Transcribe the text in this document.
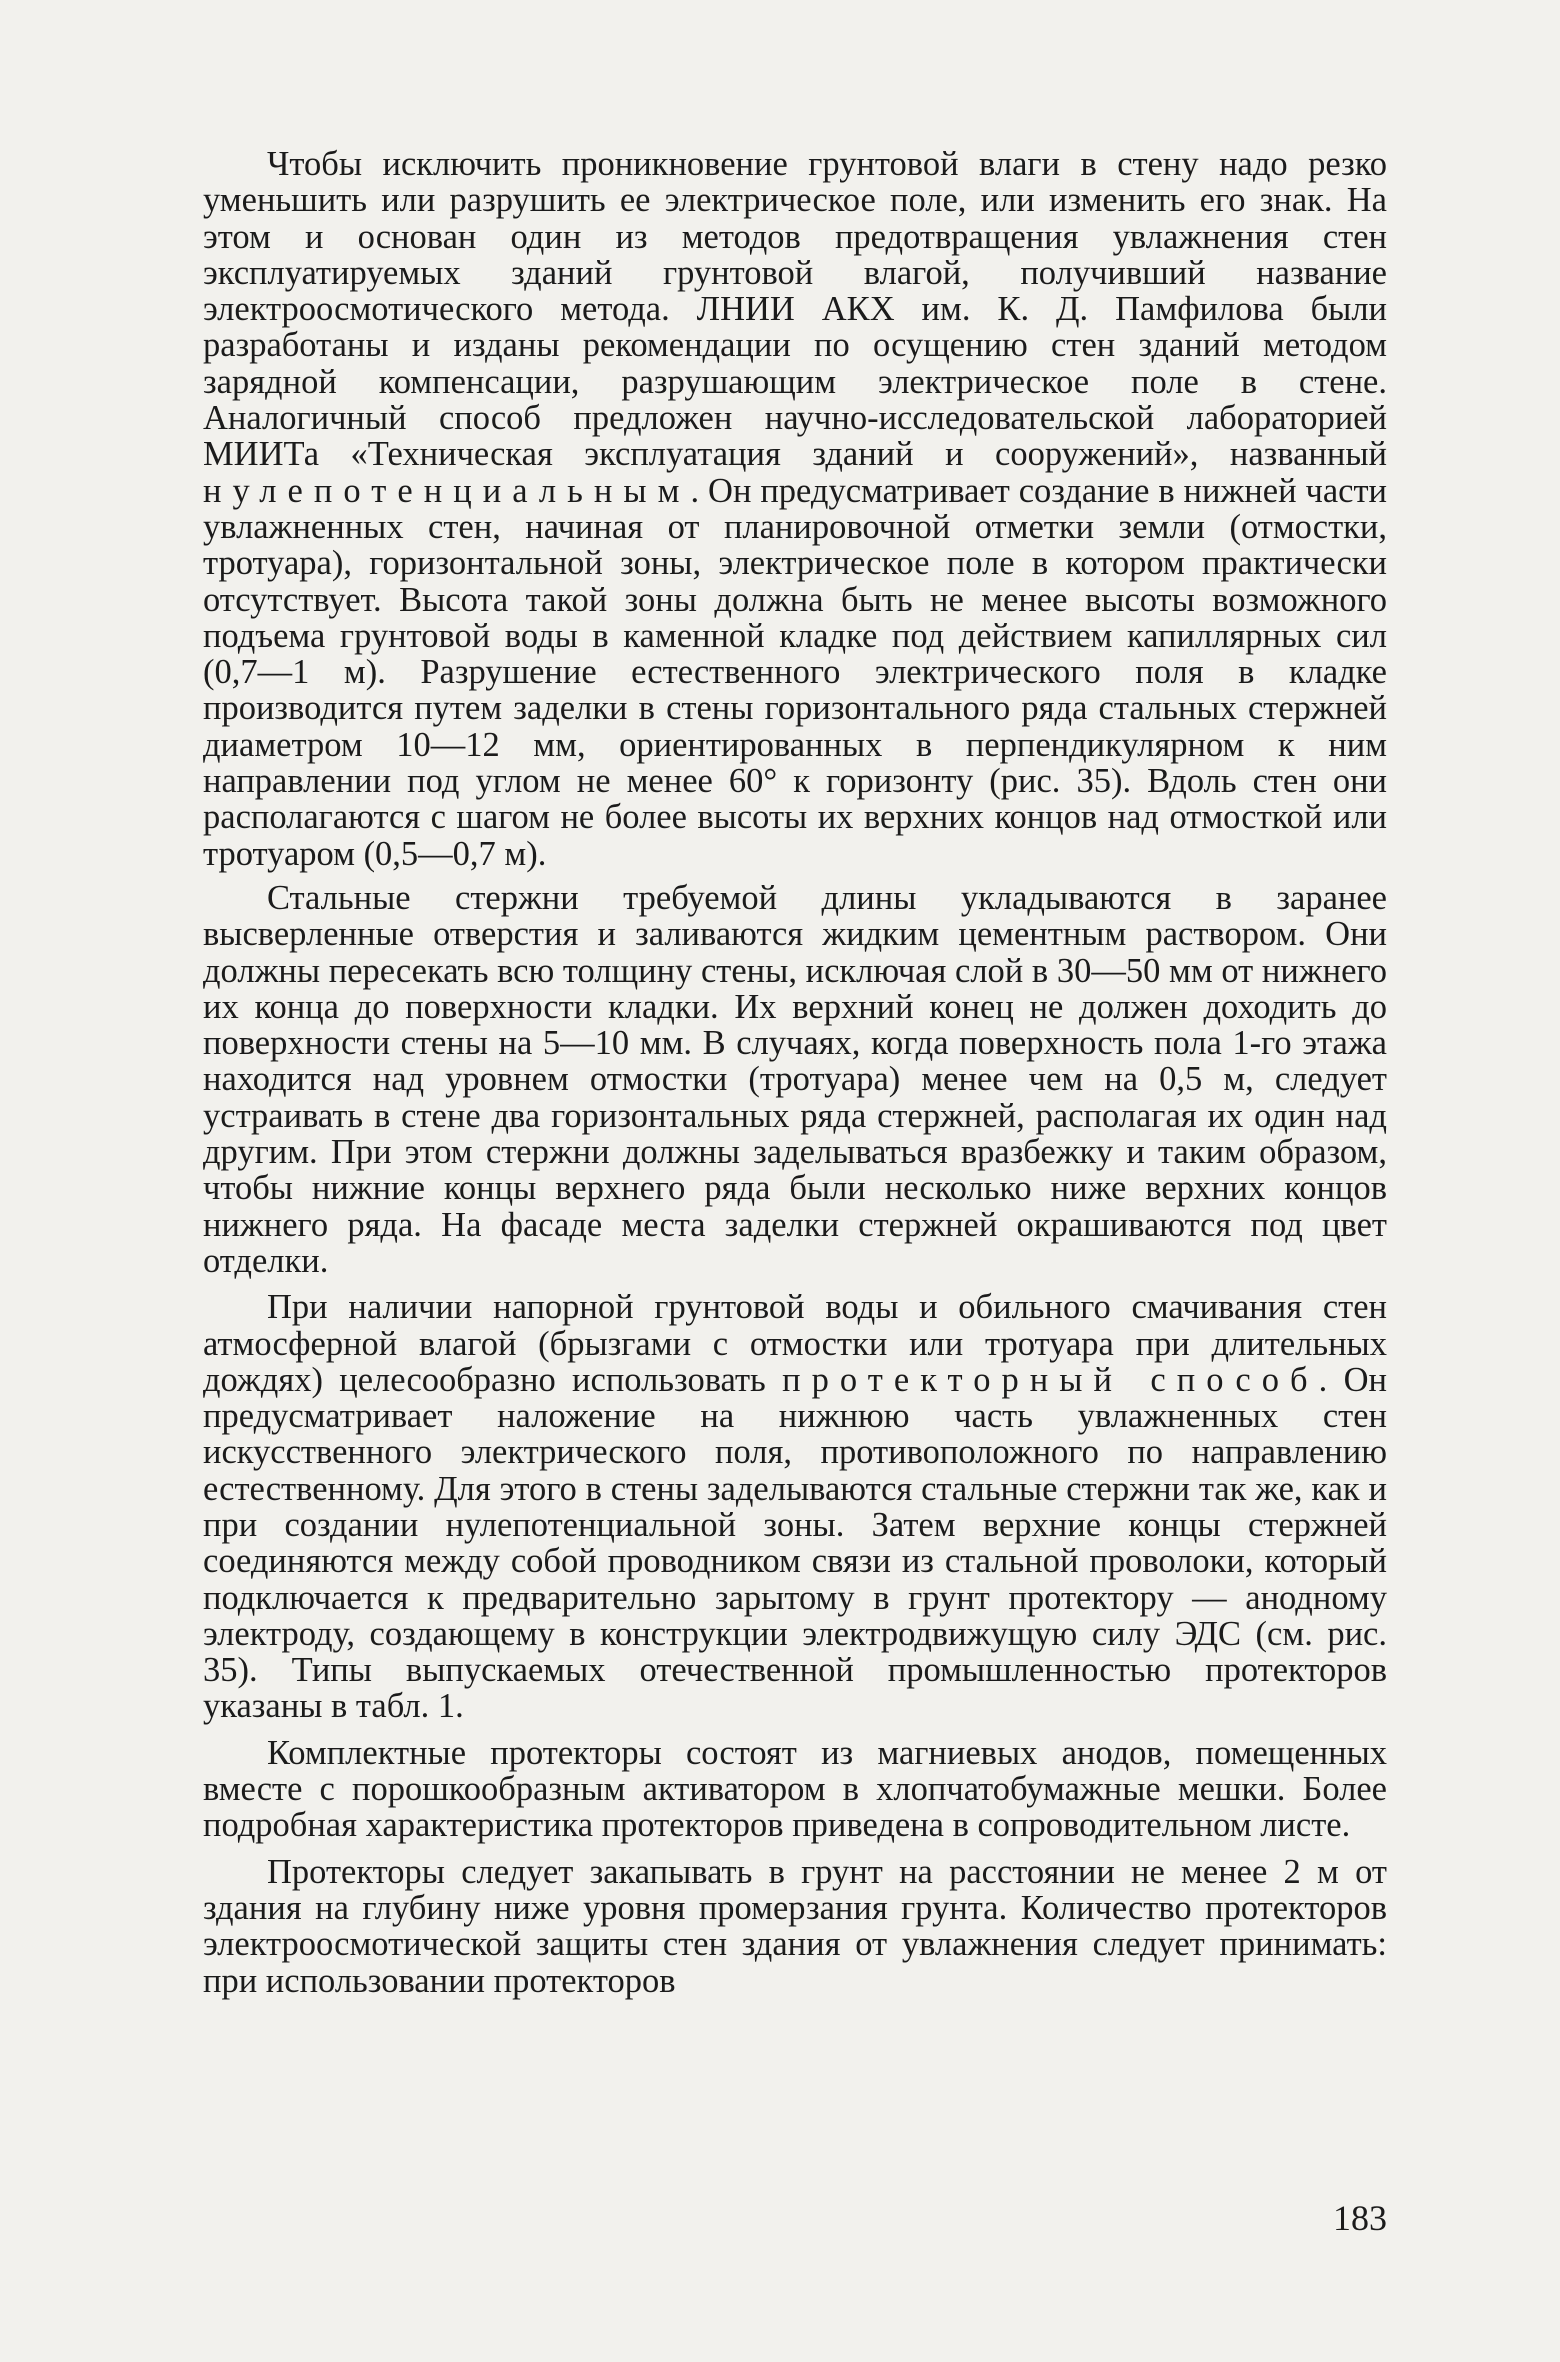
Чтобы исключить проникновение грунтовой влаги в стену надо резко уменьшить или разрушить ее электрическое поле, или изменить его знак. На этом и основан один из методов предотвращения увлажнения стен эксплуатируемых зданий грунтовой влагой, получивший название электроосмотического метода. ЛНИИ АКХ им. К. Д. Памфилова были разработаны и изданы рекомендации по осущению стен зданий методом зарядной компенсации, разрушающим электрическое поле в стене. Аналогичный способ предложен научно-исследовательской лабораторией МИИТа «Техническая эксплуатация зданий и сооружений», названный нулепотенциальным. Он предусматривает создание в нижней части увлажненных стен, начиная от планировочной отметки земли (отмостки, тротуара), горизонтальной зоны, электрическое поле в котором практически отсутствует. Высота такой зоны должна быть не менее высоты возможного подъема грунтовой воды в каменной кладке под действием капиллярных сил (0,7—1 м). Разрушение естественного электрического поля в кладке производится путем заделки в стены горизонтального ряда стальных стержней диаметром 10—12 мм, ориентированных в перпендикулярном к ним направлении под углом не менее 60° к горизонту (рис. 35). Вдоль стен они располагаются с шагом не более высоты их верхних концов над отмосткой или тротуаром (0,5—0,7 м).

Стальные стержни требуемой длины укладываются в заранее высверленные отверстия и заливаются жидким цементным раствором. Они должны пересекать всю толщину стены, исключая слой в 30—50 мм от нижнего их конца до поверхности кладки. Их верхний конец не должен доходить до поверхности стены на 5—10 мм. В случаях, когда поверхность пола 1-го этажа находится над уровнем отмостки (тротуара) менее чем на 0,5 м, следует устраивать в стене два горизонтальных ряда стержней, располагая их один над другим. При этом стержни должны заделываться вразбежку и таким образом, чтобы нижние концы верхнего ряда были несколько ниже верхних концов нижнего ряда. На фасаде места заделки стержней окрашиваются под цвет отделки.

При наличии напорной грунтовой воды и обильного смачивания стен атмосферной влагой (брызгами с отмостки или тротуара при длительных дождях) целесообразно использовать протекторный способ. Он предусматривает наложение на нижнюю часть увлажненных стен искусственного электрического поля, противоположного по направлению естественному. Для этого в стены заделываются стальные стержни так же, как и при создании нулепотенциальной зоны. Затем верхние концы стержней соединяются между собой проводником связи из стальной проволоки, который подключается к предварительно зарытому в грунт протектору — анодному электроду, создающему в конструкции электродвижущую силу ЭДС (см. рис. 35). Типы выпускаемых отечественной промышленностью протекторов указаны в табл. 1.

Комплектные протекторы состоят из магниевых анодов, помещенных вместе с порошкообразным активатором в хлопчатобумажные мешки. Более подробная характеристика протекторов приведена в сопроводительном листе.

Протекторы следует закапывать в грунт на расстоянии не менее 2 м от здания на глубину ниже уровня промерзания грунта. Количество протекторов электроосмотической защиты стен здания от увлажнения следует принимать: при использовании протекторов

183
